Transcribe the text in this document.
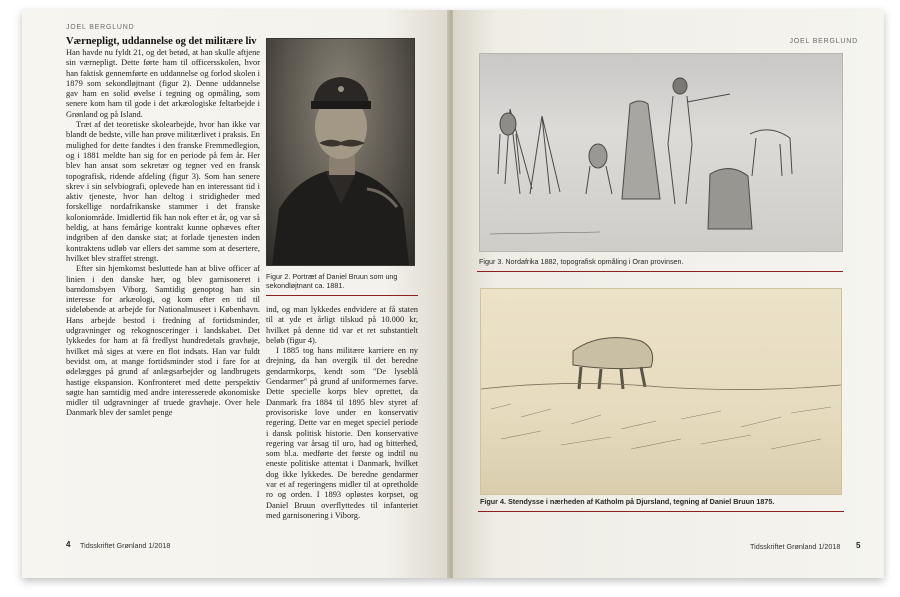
JOEL BERGLUND
Værnepligt, uddannelse og det militære liv

Han havde nu fyldt 21, og det betød, at han skulle aftjene sin værnepligt. Dette førte ham til officersskolen, hvor han faktisk gennemførte en uddannelse og forlod skolen i 1879 som sekondløjtnant (figur 2). Denne uddannelse gav ham en solid øvelse i tegning og opmåling, som senere kom ham til gode i det arkæologiske feltarbejde i Grønland og på Island.

Træt af det teoretiske skolearbejde, hvor han ikke var blandt de bedste, ville han prøve militærlivet i praksis. En mulighed for dette fandtes i den franske Fremmedlegion, og i 1881 meldte han sig for en periode på fem år. Her blev han ansat som sekretær og tegner ved en fransk topografisk, ridende afdeling (figur 3). Som han senere skrev i sin selvbiografi, oplevede han en interessant tid i aktiv tjeneste, hvor han deltog i stridigheder med forskellige nordafrikanske stammer i det franske koloniområde. Imidlertid fik han nok efter et år, og var så heldig, at hans femårige kontrakt kunne ophæves efter indgriben af den danske stat; at forlade tjenesten inden kontraktens udløb var ellers det samme som at desertere, hvilket blev straffet strengt.

Efter sin hjemkomst besluttede han at blive officer af linien i den danske hær, og blev garnisoneret i barndomsbyen Viborg. Samtidig genoptog han sin interesse for arkæologi, og kom efter en tid til sideløbende at arbejde for Nationalmuseet i København. Hans arbejde bestod i fredning af fortidsminder, udgravninger og rekognosceringer i landskabet. Det lykkedes for ham at få fredlyst hundredetals gravhøje, hvilket må siges at være en flot indsats. Han var fuldt bevidst om, at mange fortidsminder stod i fare for at ødelægges på grund af anlægsarbejder og landbrugets hastige ekspansion. Konfronteret med dette perspektiv søgte han samtidig med andre interesserede økonomiske midler til udgravninger af truede gravhøje. Over hele Danmark blev der samlet penge

Figur 2. Portræt af Daniel Bruun som ung sekondløjtnant ca. 1881.

ind, og man lykkedes endvidere at få staten til at yde et årligt tilskud på 10.000 kr, hvilket på denne tid var et ret substantielt beløb (figur 4).

I 1885 tog hans militære karriere en ny drejning, da han overgik til det beredne gendarmkorps, kendt som "De lyseblå Gendarmer" på grund af uniformernes farve. Dette specielle korps blev oprettet, da Danmark fra 1884 til 1895 blev styret af provisoriske love under en konservativ regering. Dette var en meget speciel periode i dansk politisk historie. Den konservative regering var årsag til uro, had og bitterhed, som bl.a. medførte det første og indtil nu eneste politiske attentat i Danmark, hvilket dog ikke lykkedes. De beredne gendarmer var et af regeringens midler til at opretholde ro og orden. I 1893 opløstes korpset, og Daniel Bruun overflyttedes til infanteriet med garnisonering i Viborg.

4 Tidsskriftet Grønland 1/2018
JOEL BERGLUND
Figur 3. Nordafrika 1882, topografisk opmåling i Oran provinsen.
Figur 4. Stendysse i nærheden af Katholm på Djursland, tegning af Daniel Bruun 1875.
Tidsskriftet Grønland 1/2018 5
